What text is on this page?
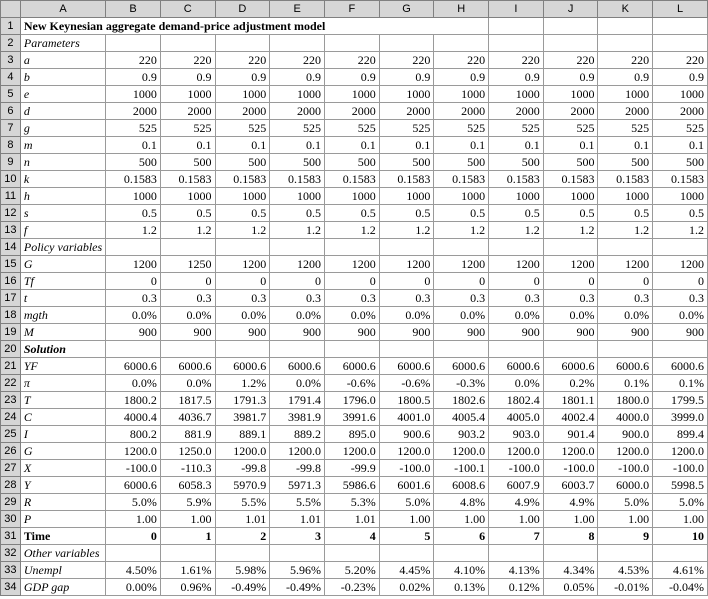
	A	B	C	D	E	F	G	H	I	J	K	L
1	New Keynesian aggregate demand-price adjustment model											
2	Parameters											
3	a	220	220	220	220	220	220	220	220	220	220	220
4	b	0.9	0.9	0.9	0.9	0.9	0.9	0.9	0.9	0.9	0.9	0.9
5	e	1000	1000	1000	1000	1000	1000	1000	1000	1000	1000	1000
6	d	2000	2000	2000	2000	2000	2000	2000	2000	2000	2000	2000
7	g	525	525	525	525	525	525	525	525	525	525	525
8	m	0.1	0.1	0.1	0.1	0.1	0.1	0.1	0.1	0.1	0.1	0.1
9	n	500	500	500	500	500	500	500	500	500	500	500
10	k	0.1583	0.1583	0.1583	0.1583	0.1583	0.1583	0.1583	0.1583	0.1583	0.1583	0.1583
11	h	1000	1000	1000	1000	1000	1000	1000	1000	1000	1000	1000
12	s	0.5	0.5	0.5	0.5	0.5	0.5	0.5	0.5	0.5	0.5	0.5
13	f	1.2	1.2	1.2	1.2	1.2	1.2	1.2	1.2	1.2	1.2	1.2
14	Policy variables											
15	G	1200	1250	1200	1200	1200	1200	1200	1200	1200	1200	1200
16	Tf	0	0	0	0	0	0	0	0	0	0	0
17	t	0.3	0.3	0.3	0.3	0.3	0.3	0.3	0.3	0.3	0.3	0.3
18	mgth	0.0%	0.0%	0.0%	0.0%	0.0%	0.0%	0.0%	0.0%	0.0%	0.0%	0.0%
19	M	900	900	900	900	900	900	900	900	900	900	900
20	Solution											
21	YF	6000.6	6000.6	6000.6	6000.6	6000.6	6000.6	6000.6	6000.6	6000.6	6000.6	6000.6
22	π	0.0%	0.0%	1.2%	0.0%	-0.6%	-0.6%	-0.3%	0.0%	0.2%	0.1%	0.1%
23	T	1800.2	1817.5	1791.3	1791.4	1796.0	1800.5	1802.6	1802.4	1801.1	1800.0	1799.5
24	C	4000.4	4036.7	3981.7	3981.9	3991.6	4001.0	4005.4	4005.0	4002.4	4000.0	3999.0
25	I	800.2	881.9	889.1	889.2	895.0	900.6	903.2	903.0	901.4	900.0	899.4
26	G	1200.0	1250.0	1200.0	1200.0	1200.0	1200.0	1200.0	1200.0	1200.0	1200.0	1200.0
27	X	-100.0	-110.3	-99.8	-99.8	-99.9	-100.0	-100.1	-100.0	-100.0	-100.0	-100.0
28	Y	6000.6	6058.3	5970.9	5971.3	5986.6	6001.6	6008.6	6007.9	6003.7	6000.0	5998.5
29	R	5.0%	5.9%	5.5%	5.5%	5.3%	5.0%	4.8%	4.9%	4.9%	5.0%	5.0%
30	P	1.00	1.00	1.01	1.01	1.01	1.00	1.00	1.00	1.00	1.00	1.00
31	Time	0	1	2	3	4	5	6	7	8	9	10
32	Other variables											
33	Unempl	4.50%	1.61%	5.98%	5.96%	5.20%	4.45%	4.10%	4.13%	4.34%	4.53%	4.61%
34	GDP gap	0.00%	0.96%	-0.49%	-0.49%	-0.23%	0.02%	0.13%	0.12%	0.05%	-0.01%	-0.04%
